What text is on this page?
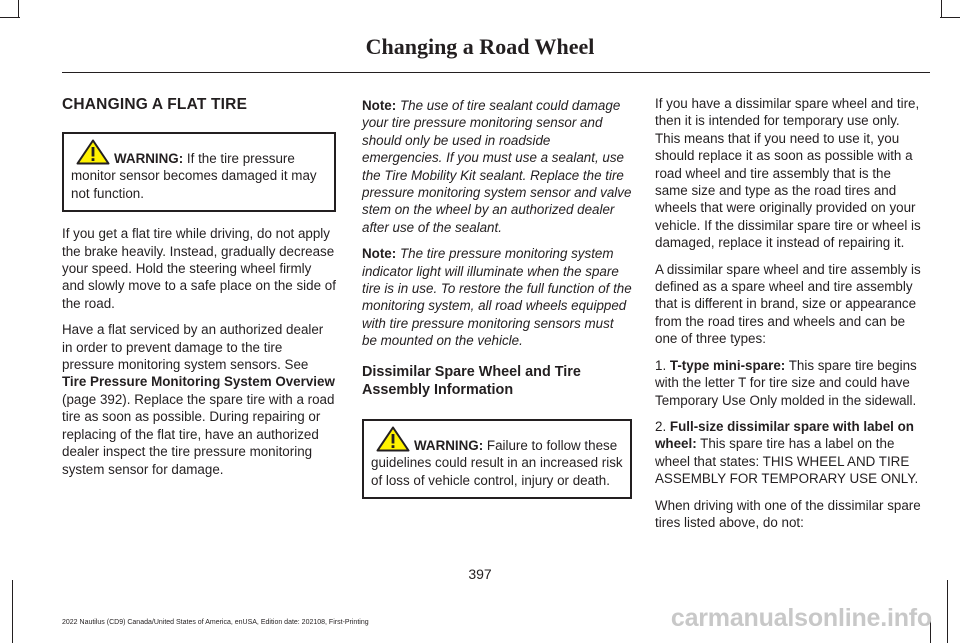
Changing a Road Wheel
CHANGING A FLAT TIRE
WARNING: If the tire pressure monitor sensor becomes damaged it may not function.

If you get a flat tire while driving, do not apply the brake heavily. Instead, gradually decrease your speed. Hold the steering wheel firmly and slowly move to a safe place on the side of the road.

Have a flat serviced by an authorized dealer in order to prevent damage to the tire pressure monitoring system sensors. See Tire Pressure Monitoring System Overview (page 392). Replace the spare tire with a road tire as soon as possible. During repairing or replacing of the flat tire, have an authorized dealer inspect the tire pressure monitoring system sensor for damage.

Note: The use of tire sealant could damage your tire pressure monitoring sensor and should only be used in roadside emergencies. If you must use a sealant, use the Tire Mobility Kit sealant. Replace the tire pressure monitoring system sensor and valve stem on the wheel by an authorized dealer after use of the sealant.

Note: The tire pressure monitoring system indicator light will illuminate when the spare tire is in use. To restore the full function of the monitoring system, all road wheels equipped with tire pressure monitoring sensors must be mounted on the vehicle.

Dissimilar Spare Wheel and Tire Assembly Information
WARNING: Failure to follow these guidelines could result in an increased risk of loss of vehicle control, injury or death.

If you have a dissimilar spare wheel and tire, then it is intended for temporary use only. This means that if you need to use it, you should replace it as soon as possible with a road wheel and tire assembly that is the same size and type as the road tires and wheels that were originally provided on your vehicle. If the dissimilar spare tire or wheel is damaged, replace it instead of repairing it.

A dissimilar spare wheel and tire assembly is defined as a spare wheel and tire assembly that is different in brand, size or appearance from the road tires and wheels and can be one of three types:

1. T-type mini-spare: This spare tire begins with the letter T for tire size and could have Temporary Use Only molded in the sidewall.

2. Full-size dissimilar spare with label on wheel: This spare tire has a label on the wheel that states: THIS WHEEL AND TIRE ASSEMBLY FOR TEMPORARY USE ONLY.

When driving with one of the dissimilar spare tires listed above, do not:

397
2022 Nautilus (CD9) Canada/United States of America, enUSA, Edition date: 202108, First-Printing	carmanualsonline.info
